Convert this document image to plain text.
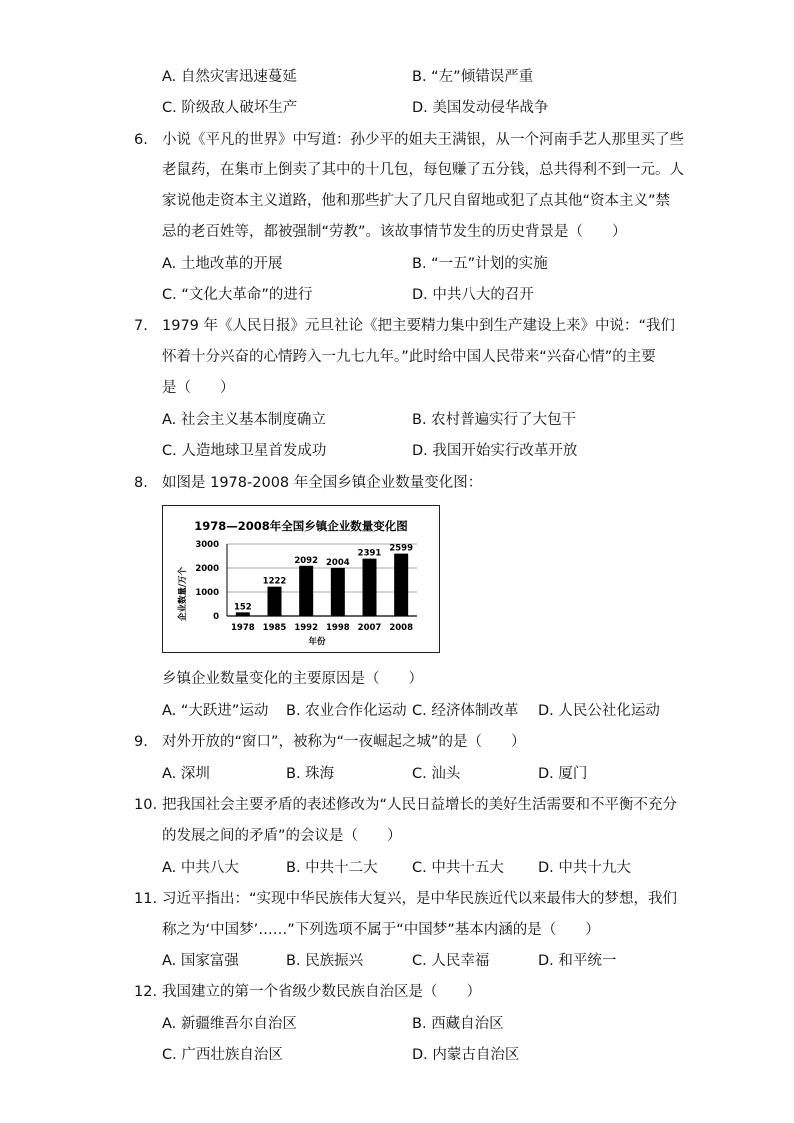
A. 自然灾害迅速蔓延	B. “左”倾错误严重
C. 阶级敌人破坏生产	D. 美国发动侵华战争
6. 小说《平凡的世界》中写道：孙少平的姐夫王满银，从一个河南手艺人那里买了些
老鼠药，在集市上倒卖了其中的十几包，每包赚了五分钱，总共得利不到一元。人
家说他走资本主义道路，他和那些扩大了几尺自留地或犯了点其他“资本主义”禁
忌的老百姓等，都被强制“劳教”。该故事情节发生的历史背景是（　　）
A. 土地改革的开展	B. “一五”计划的实施
C. “文化大革命”的进行	D. 中共八大的召开
7. 1979 年《人民日报》元旦社论《把主要精力集中到生产建设上来》中说：“我们
怀着十分兴奋的心情跨入一九七九年。”此时给中国人民带来“兴奋心情”的主要
是（　　）
A. 社会主义基本制度确立	B. 农村普遍实行了大包干
C. 人造地球卫星首发成功	D. 我国开始实行改革开放
8. 如图是 1978-2008 年全国乡镇企业数量变化图：
1978—2008年全国乡镇企业数量变化图
0
1000
2000
3000
152
1222
2092 2004
2391 2599
1978 1985 1992 1998 2007 2008
企业数量/万个
年份
乡镇企业数量变化的主要原因是（　　）
A. “大跃进”运动 B. 农业合作化运动 C. 经济体制改革 D. 人民公社化运动
9. 对外开放的“窗口”，被称为“一夜崛起之城”的是（　　）
A. 深圳	B. 珠海	C. 汕头	D. 厦门
10. 把我国社会主要矛盾的表述修改为“人民日益增长的美好生活需要和不平衡不充分
的发展之间的矛盾”的会议是（　　）
A. 中共八大	B. 中共十二大 C. 中共十五大 D. 中共十九大
11. 习近平指出：“实现中华民族伟大复兴，是中华民族近代以来最伟大的梦想，我们
称之为‘中国梦’……”下列选项不属于“中国梦”基本内涵的是（　　）
A. 国家富强	B. 民族振兴	C. 人民幸福	D. 和平统一
12. 我国建立的第一个省级少数民族自治区是（　　）
A. 新疆维吾尔自治区	B. 西藏自治区
C. 广西壮族自治区	D. 内蒙古自治区
